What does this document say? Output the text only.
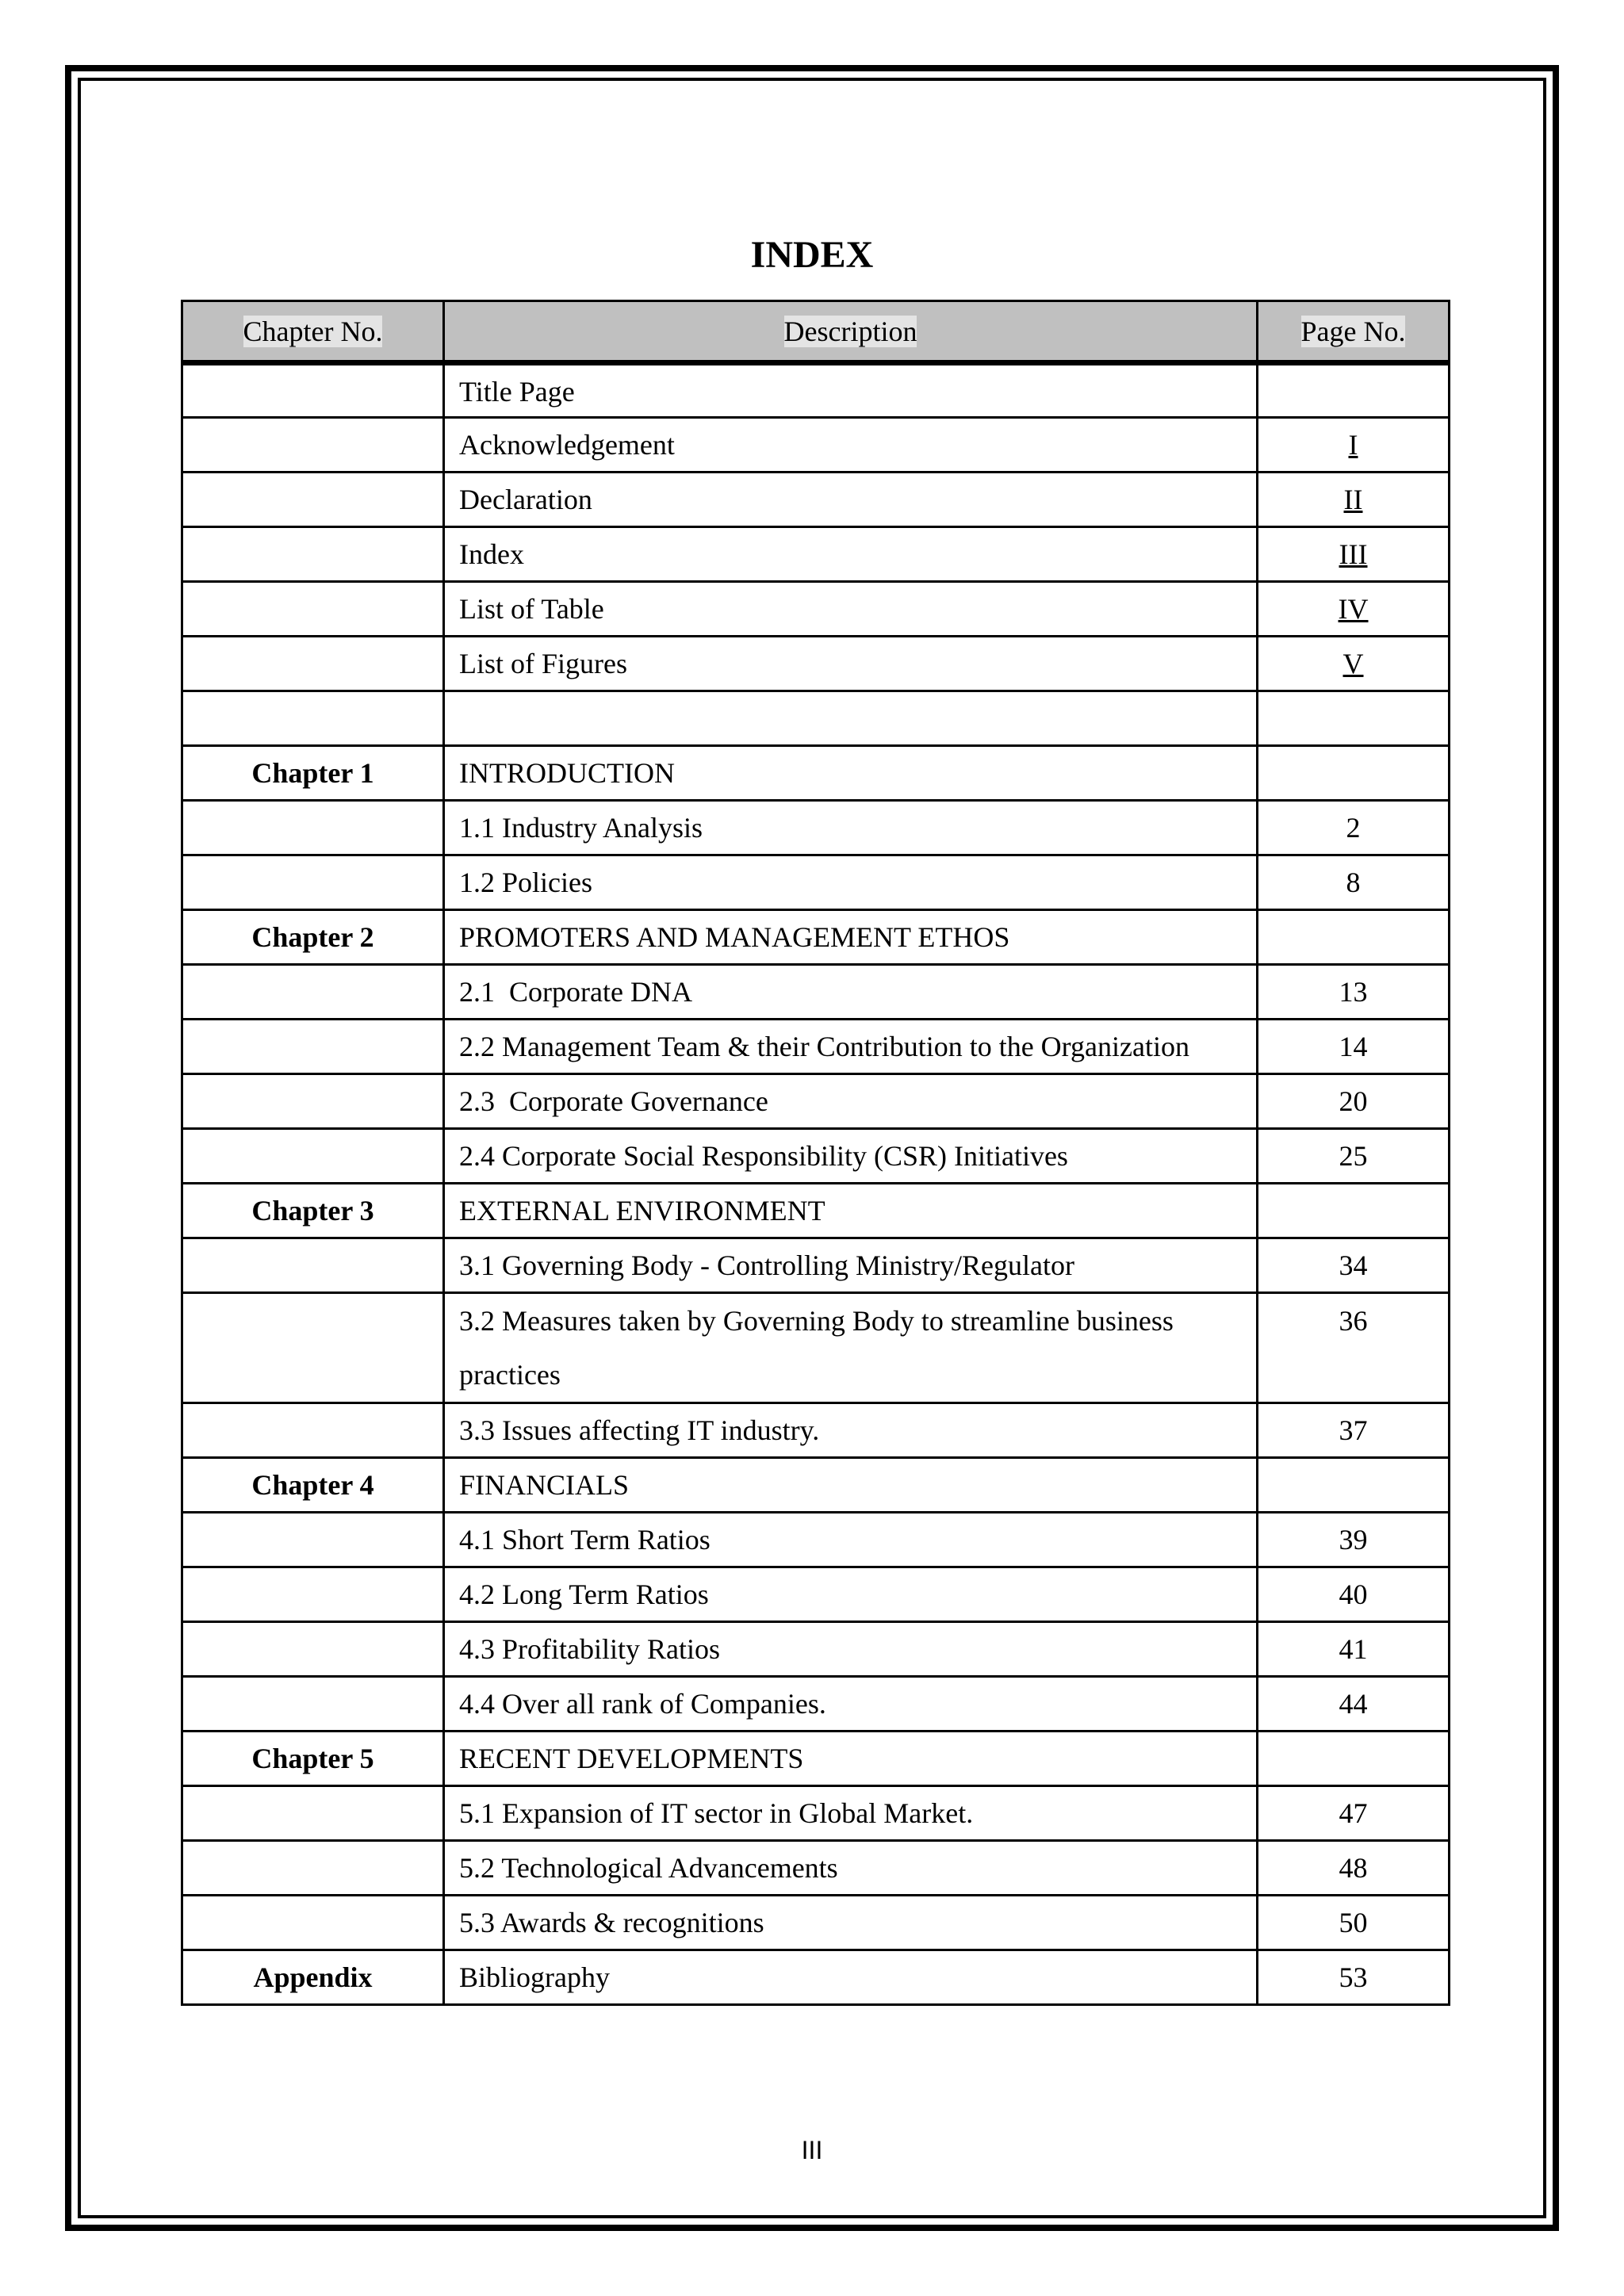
INDEX
Chapter No.	Description	Page No.
	Title Page	
	Acknowledgement	I
	Declaration	II
	Index	III
	List of Table	IV
	List of Figures	V

Chapter 1	INTRODUCTION	
	1.1 Industry Analysis	2
	1.2 Policies	8
Chapter 2	PROMOTERS AND MANAGEMENT ETHOS	
	2.1  Corporate DNA	13
	2.2 Management Team & their Contribution to the Organization	14
	2.3  Corporate Governance	20
	2.4 Corporate Social Responsibility (CSR) Initiatives	25
Chapter 3	EXTERNAL ENVIRONMENT	
	3.1 Governing Body - Controlling Ministry/Regulator	34
	3.2 Measures taken by Governing Body to streamline business practices	36
	3.3 Issues affecting IT industry.	37
Chapter 4	FINANCIALS	
	4.1 Short Term Ratios	39
	4.2 Long Term Ratios	40
	4.3 Profitability Ratios	41
	4.4 Over all rank of Companies.	44
Chapter 5	RECENT DEVELOPMENTS	
	5.1 Expansion of IT sector in Global Market.	47
	5.2 Technological Advancements	48
	5.3 Awards & recognitions	50
Appendix	Bibliography	53
III
